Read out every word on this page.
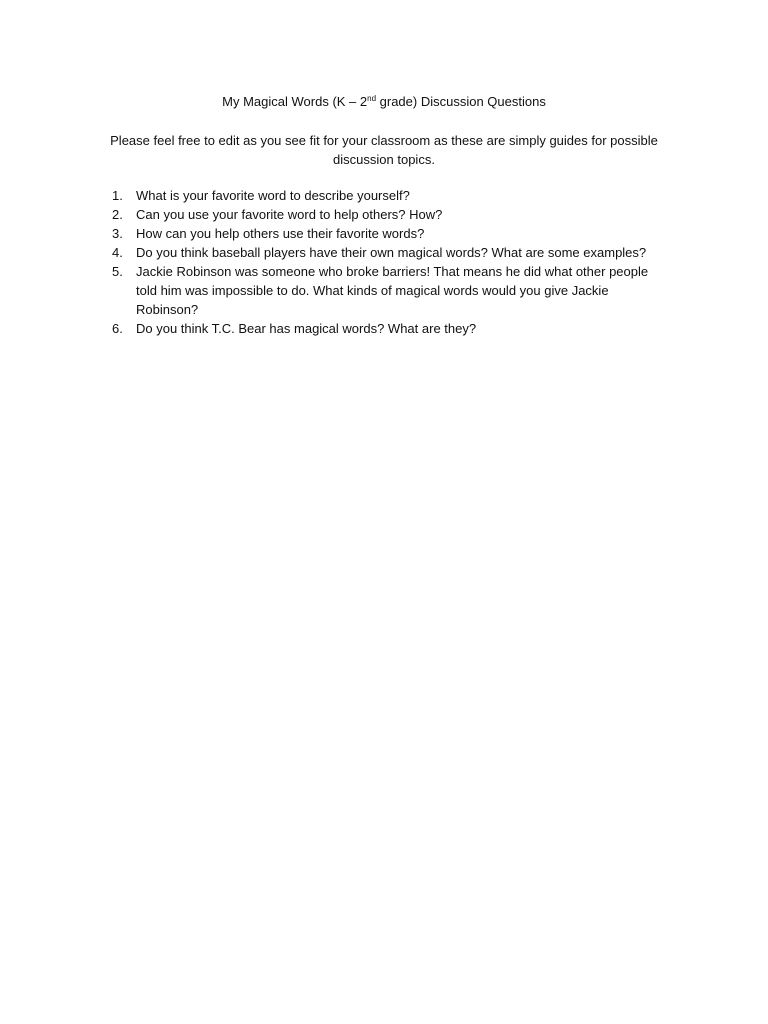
My Magical Words (K – 2nd grade) Discussion Questions
Please feel free to edit as you see fit for your classroom as these are simply guides for possible discussion topics.
1.	What is your favorite word to describe yourself?
2.	Can you use your favorite word to help others? How?
3.	How can you help others use their favorite words?
4.	Do you think baseball players have their own magical words? What are some examples?
5.	Jackie Robinson was someone who broke barriers! That means he did what other people told him was impossible to do. What kinds of magical words would you give Jackie Robinson?
6.	Do you think T.C. Bear has magical words? What are they?
